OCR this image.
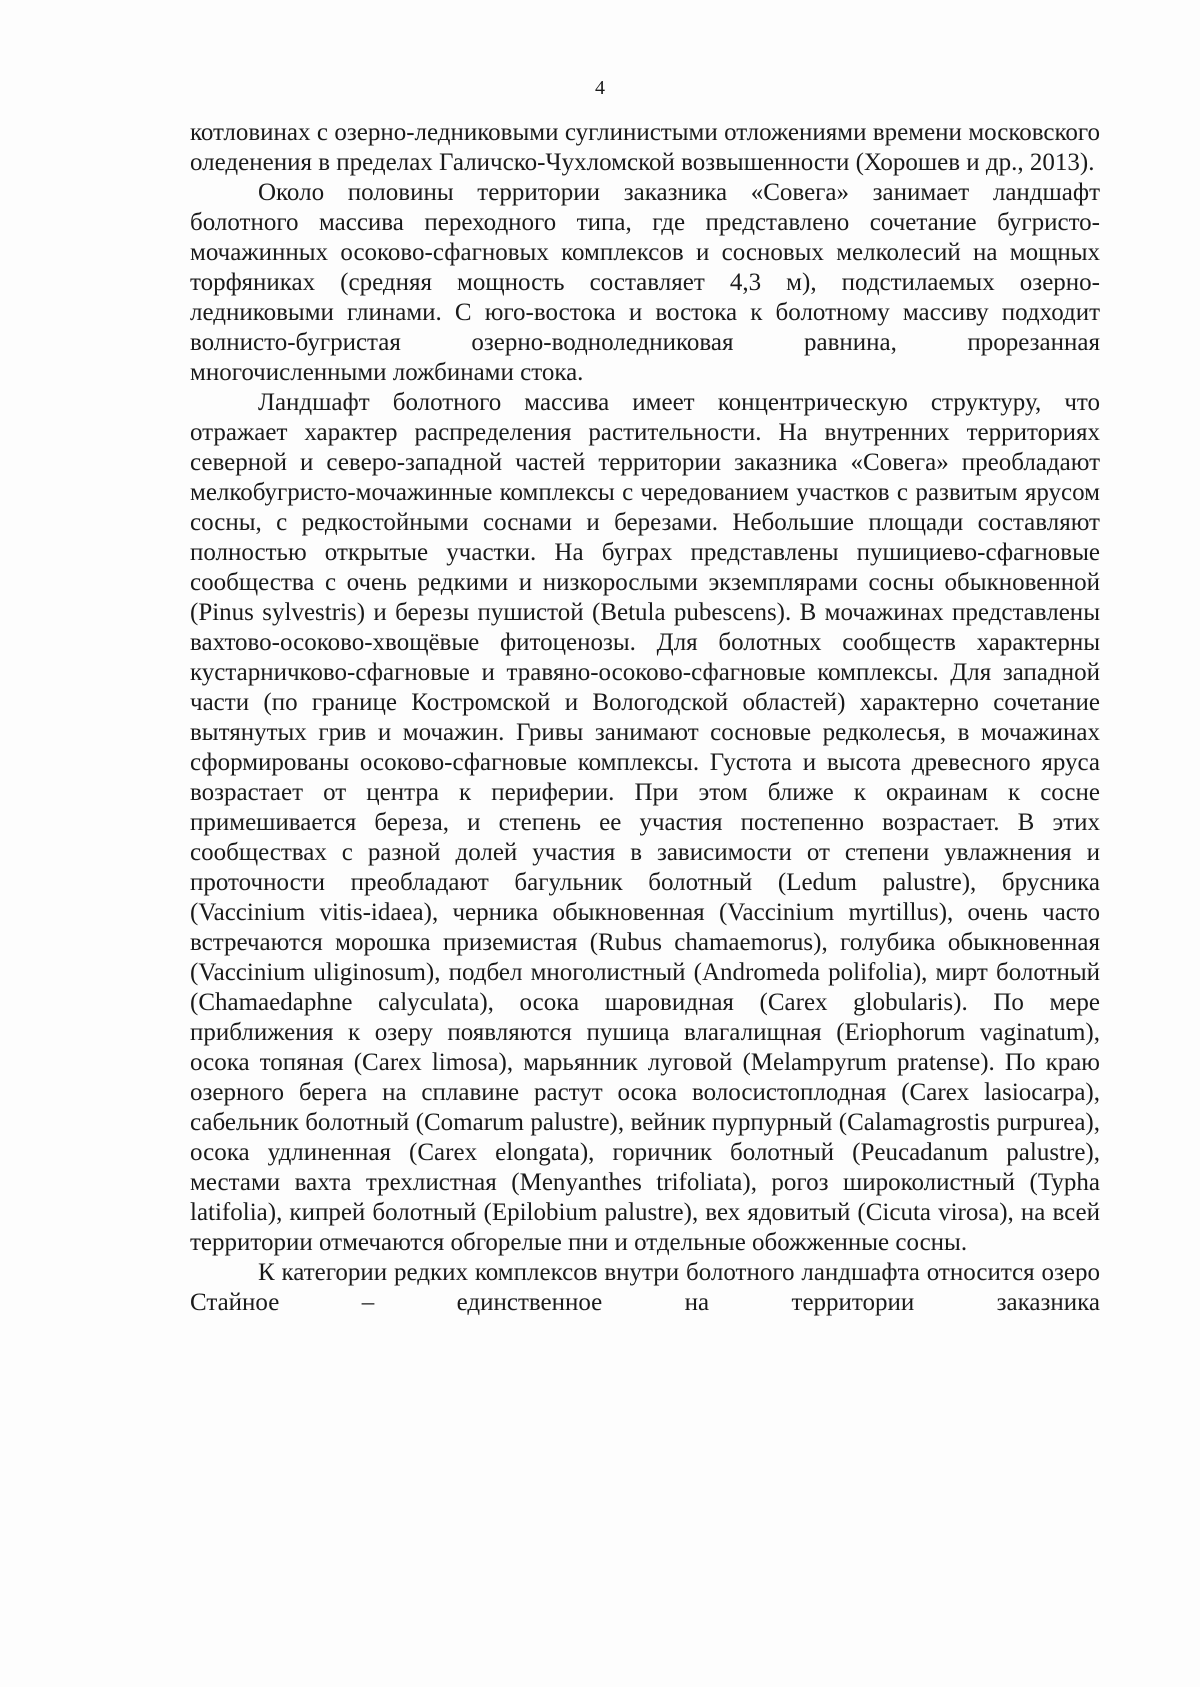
4

котловинах с озерно-ледниковыми суглинистыми отложениями времени московского оледенения в пределах Галичско-Чухломской возвышенности (Хорошев и др., 2013).

Около половины территории заказника «Совега» занимает ландшафт болотного массива переходного типа, где представлено сочетание бугристо-мочажинных осоково-сфагновых комплексов и сосновых мелколесий на мощных торфяниках (средняя мощность составляет 4,3 м), подстилаемых озерно-ледниковыми глинами. С юго-востока и востока к болотному массиву подходит волнисто-бугристая озерно-водноледниковая равнина, прорезанная многочисленными ложбинами стока.

Ландшафт болотного массива имеет концентрическую структуру, что отражает характер распределения растительности. На внутренних территориях северной и северо-западной частей территории заказника «Совега» преобладают мелкобугристо-мочажинные комплексы с чередованием участков с развитым ярусом сосны, с редкостойными соснами и березами. Небольшие площади составляют полностью открытые участки. На буграх представлены пушициево-сфагновые сообщества с очень редкими и низкорослыми экземплярами сосны обыкновенной (Pinus sylvestris) и березы пушистой (Betula pubescens). В мочажинах представлены вахтово-осоково-хвощёвые фитоценозы. Для болотных сообществ характерны кустарничково-сфагновые и травяно-осоково-сфагновые комплексы. Для западной части (по границе Костромской и Вологодской областей) характерно сочетание вытянутых грив и мочажин. Гривы занимают сосновые редколесья, в мочажинах сформированы осоково-сфагновые комплексы. Густота и высота древесного яруса возрастает от центра к периферии. При этом ближе к окраинам к сосне примешивается береза, и степень ее участия постепенно возрастает. В этих сообществах с разной долей участия в зависимости от степени увлажнения и проточности преобладают багульник болотный (Ledum palustre), брусника (Vaccinium vitis-idaea), черника обыкновенная (Vaccinium myrtillus), очень часто встречаются морошка приземистая (Rubus chamaemorus), голубика обыкновенная (Vaccinium uliginosum), подбел многолистный (Andromeda polifolia), мирт болотный (Chamaedaphne calyculata), осока шаровидная (Carex globularis). По мере приближения к озеру появляются пушица влагалищная (Eriophorum vaginatum), осока топяная (Carex limosa), марьянник луговой (Melampyrum pratense). По краю озерного берега на сплавине растут осока волосистоплодная (Carex lasiocarpa), сабельник болотный (Comarum palustre), вейник пурпурный (Calamagrostis purpurea), осока удлиненная (Carex elongata), горичник болотный (Peucadanum palustre), местами вахта трехлистная (Menyanthes trifoliata), рогоз широколистный (Typha latifolia), кипрей болотный (Epilobium palustre), вех ядовитый (Cicuta virosa), на всей территории отмечаются обгорелые пни и отдельные обожженные сосны.

К категории редких комплексов внутри болотного ландшафта относится озеро Стайное – единственное на территории заказника
